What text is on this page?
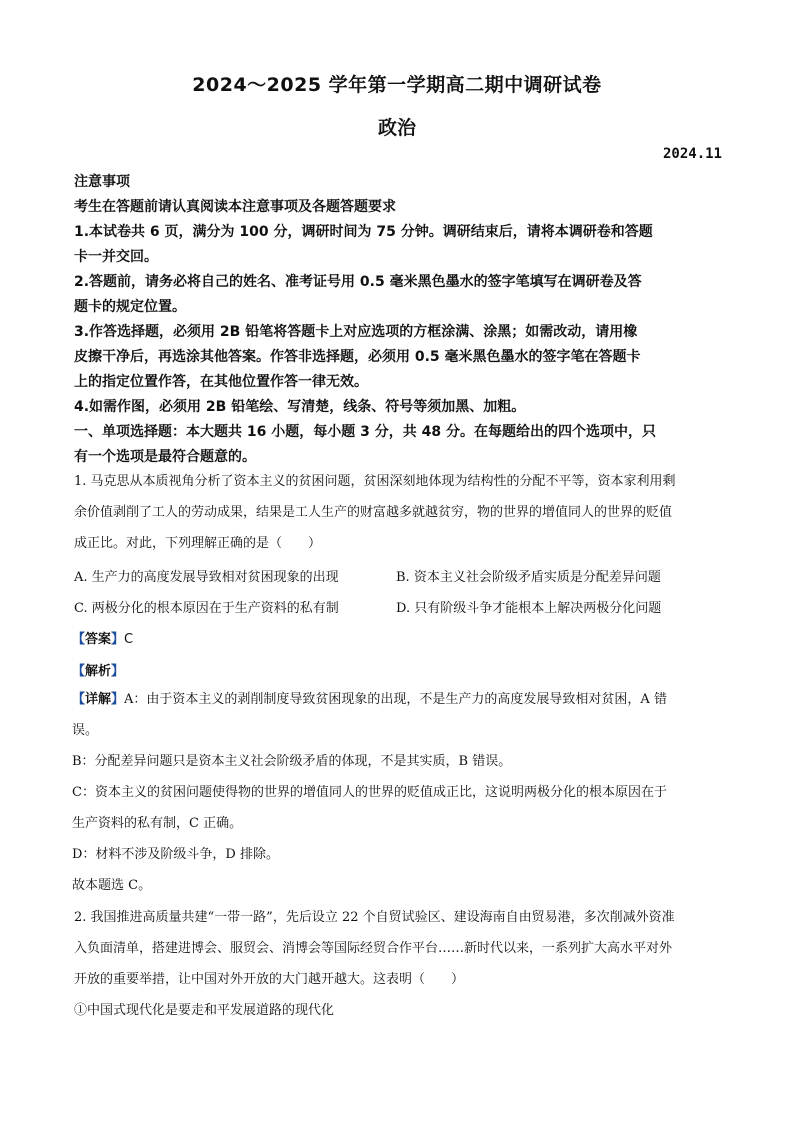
2024～2025 学年第一学期高二期中调研试卷
政治
2024.11
注意事项
考生在答题前请认真阅读本注意事项及各题答题要求
1.本试卷共 6 页，满分为 100 分，调研时间为 75 分钟。调研结束后，请将本调研卷和答题
卡一并交回。
2.答题前，请务必将自己的姓名、准考证号用 0.5 毫米黑色墨水的签字笔填写在调研卷及答
题卡的规定位置。
3.作答选择题，必须用 2B 铅笔将答题卡上对应选项的方框涂满、涂黑；如需改动，请用橡
皮擦干净后，再选涂其他答案。作答非选择题，必须用 0.5 毫米黑色墨水的签字笔在答题卡
上的指定位置作答，在其他位置作答一律无效。
4.如需作图，必须用 2B 铅笔绘、写清楚，线条、符号等须加黑、加粗。
一、单项选择题：本大题共 16 小题，每小题 3 分，共 48 分。在每题给出的四个选项中，只
有一个选项是最符合题意的。
1. 马克思从本质视角分析了资本主义的贫困问题，贫困深刻地体现为结构性的分配不平等，资本家利用剩
余价值剥削了工人的劳动成果，结果是工人生产的财富越多就越贫穷，物的世界的增值同人的世界的贬值
成正比。对此，下列理解正确的是（　　）
A. 生产力的高度发展导致相对贫困现象的出现	B. 资本主义社会阶级矛盾实质是分配差异问题
C. 两极分化的根本原因在于生产资料的私有制	D. 只有阶级斗争才能根本上解决两极分化问题
【答案】C
【解析】
【详解】A：由于资本主义的剥削制度导致贫困现象的出现，不是生产力的高度发展导致相对贫困，A 错
误。
B：分配差异问题只是资本主义社会阶级矛盾的体现，不是其实质，B 错误。
C：资本主义的贫困问题使得物的世界的增值同人的世界的贬值成正比，这说明两极分化的根本原因在于
生产资料的私有制，C 正确。
D：材料不涉及阶级斗争，D 排除。
故本题选 C。
2. 我国推进高质量共建“一带一路”，先后设立 22 个自贸试验区、建设海南自由贸易港，多次削减外资准
入负面清单，搭建进博会、服贸会、消博会等国际经贸合作平台……新时代以来，一系列扩大高水平对外
开放的重要举措，让中国对外开放的大门越开越大。这表明（　　）
①中国式现代化是要走和平发展道路的现代化
